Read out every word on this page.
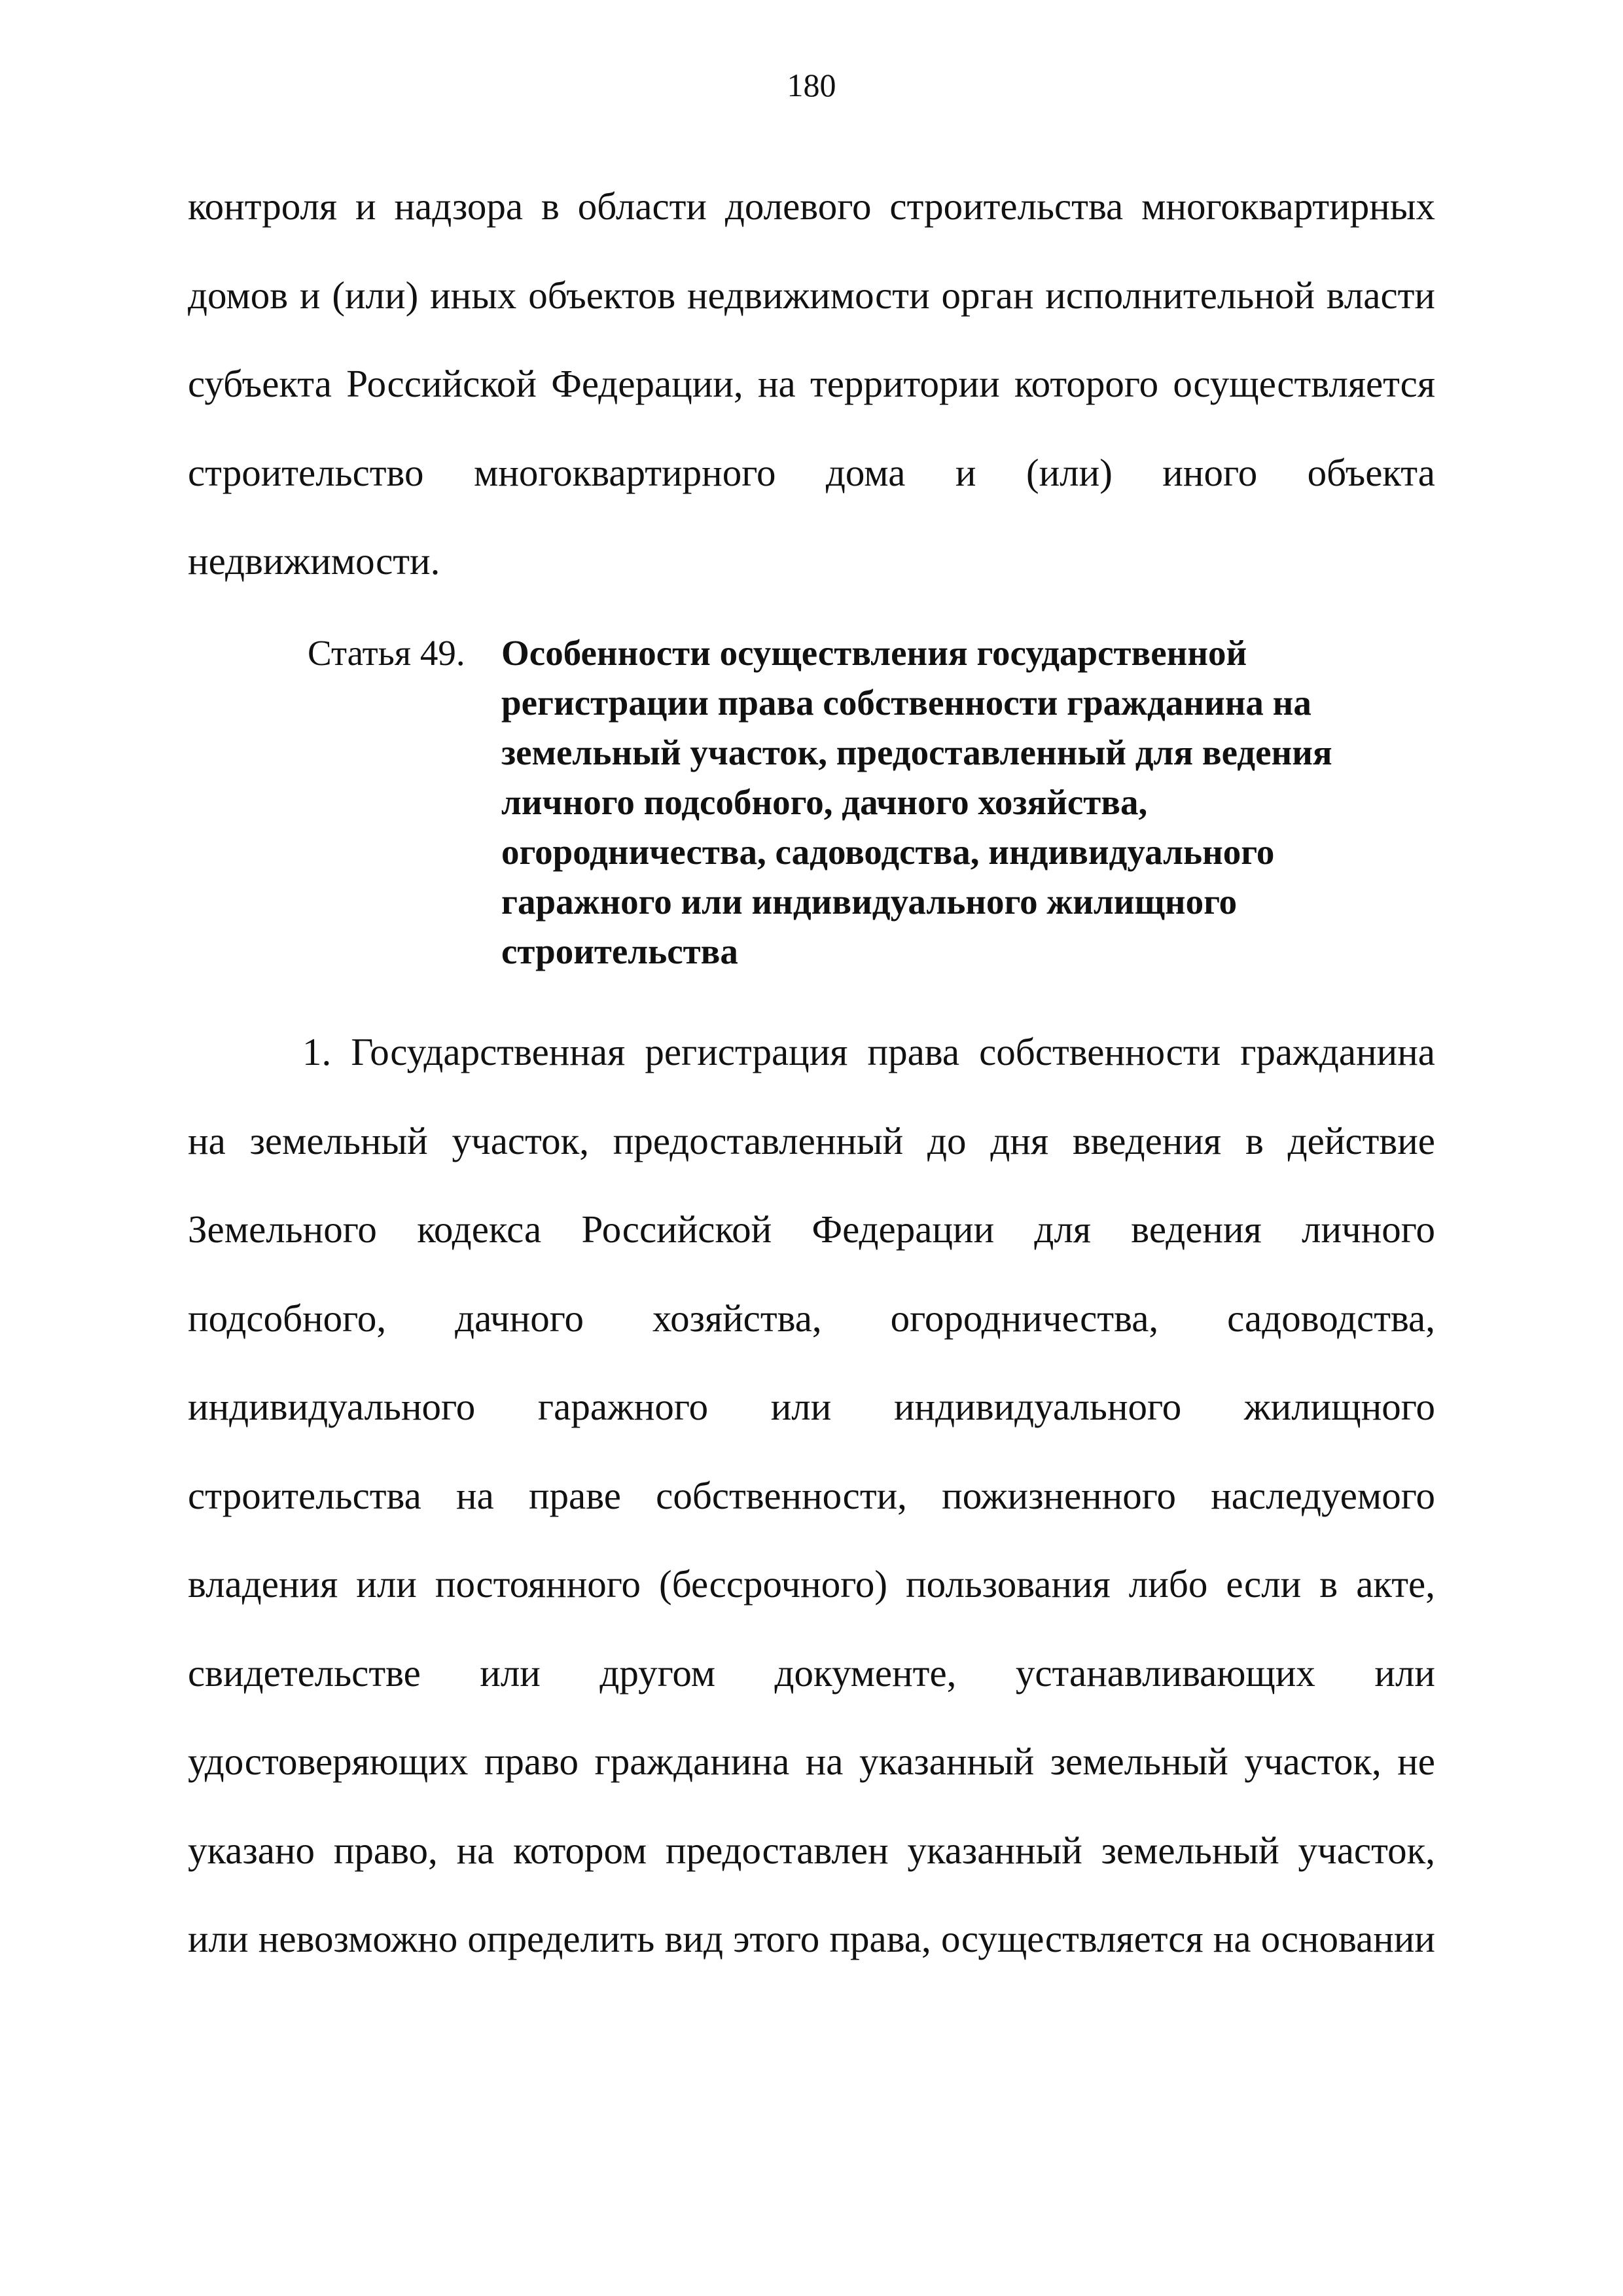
180
контроля и надзора в области долевого строительства многоквартирных
домов и (или) иных объектов недвижимости орган исполнительной власти
субъекта Российской Федерации, на территории которого осуществляется
строительство многоквартирного дома и (или) иного объекта
недвижимости.
Статья 49. Особенности осуществления государственной
регистрации права собственности гражданина на
земельный участок, предоставленный для ведения
личного подсобного, дачного хозяйства,
огородничества, садоводства, индивидуального
гаражного или индивидуального жилищного
строительства
1. Государственная регистрация права собственности гражданина
на земельный участок, предоставленный до дня введения в действие
Земельного кодекса Российской Федерации для ведения личного
подсобного, дачного хозяйства, огородничества, садоводства,
индивидуального гаражного или индивидуального жилищного
строительства на праве собственности, пожизненного наследуемого
владения или постоянного (бессрочного) пользования либо если в акте,
свидетельстве или другом документе, устанавливающих или
удостоверяющих право гражданина на указанный земельный участок, не
указано право, на котором предоставлен указанный земельный участок,
или невозможно определить вид этого права, осуществляется на основании
